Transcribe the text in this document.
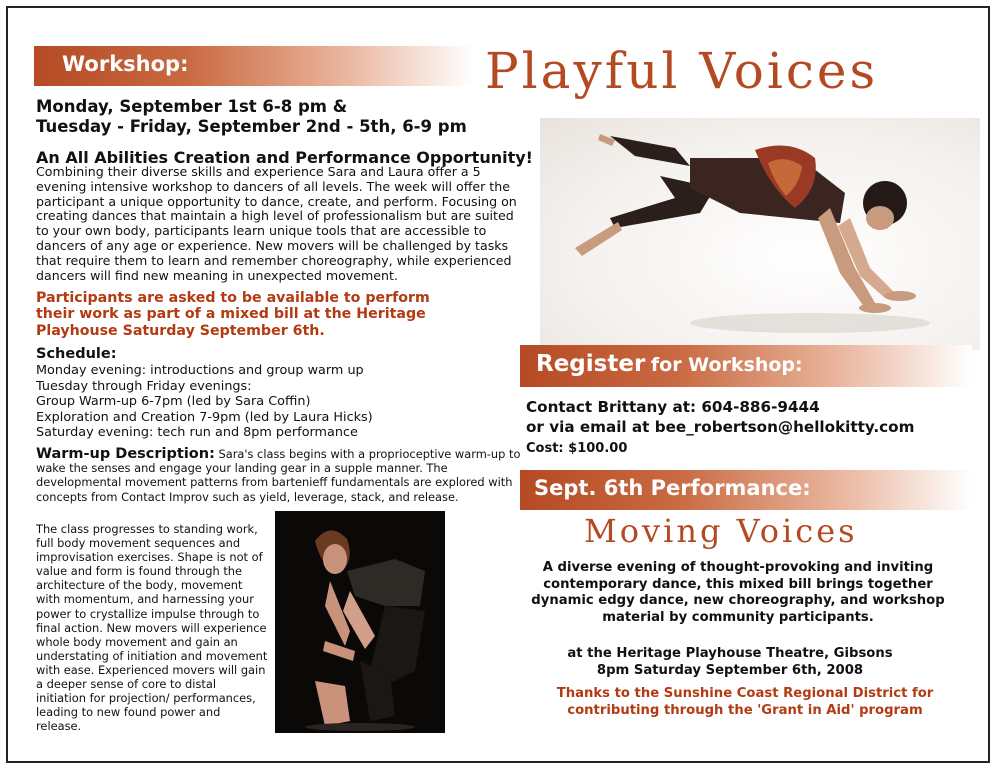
Workshop:	Playful Voices
Monday, September 1st 6-8 pm &
Tuesday - Friday, September 2nd - 5th, 6-9 pm
An All Abilities Creation and Performance Opportunity!
Combining their diverse skills and experience Sara and Laura offer a 5 evening intensive workshop to dancers of all levels. The week will offer the participant a unique opportunity to dance, create, and perform. Focusing on creating dances that maintain a high level of professionalism but are suited to your own body, participants learn unique tools that are accessible to dancers of any age or experience. New movers will be challenged by tasks that require them to learn and remember choreography, while experienced dancers will find new meaning in unexpected movement.
Participants are asked to be available to perform their work as part of a mixed bill at the Heritage Playhouse Saturday September 6th.
Schedule:
Monday evening: introductions and group warm up
Tuesday through Friday evenings:
Group Warm-up 6-7pm (led by Sara Coffin)
Exploration and Creation 7-9pm (led by Laura Hicks)
Saturday evening: tech run and 8pm performance
Warm-up Description: Sara's class begins with a proprioceptive warm-up to wake the senses and engage your landing gear in a supple manner. The developmental movement patterns from bartenieff fundamentals are explored with concepts from Contact Improv such as yield, leverage, stack, and release.
The class progresses to standing work, full body movement sequences and improvisation exercises. Shape is not of value and form is found through the architecture of the body, movement with momentum, and harnessing your power to crystallize impulse through to final action. New movers will experience whole body movement and gain an understating of initiation and movement with ease. Experienced movers will gain a deeper sense of core to distal initiation for projection/ performances, leading to new found power and release.
Register for Workshop:
Contact Brittany at: 604-886-9444
or via email at bee_robertson@hellokitty.com
Cost: $100.00
Sept. 6th Performance:
Moving Voices
A diverse evening of thought-provoking and inviting contemporary dance, this mixed bill brings together dynamic edgy dance, new choreography, and workshop material by community participants.
at the Heritage Playhouse Theatre, Gibsons
8pm Saturday September 6th, 2008
Thanks to the Sunshine Coast Regional District for contributing through the 'Grant in Aid' program
